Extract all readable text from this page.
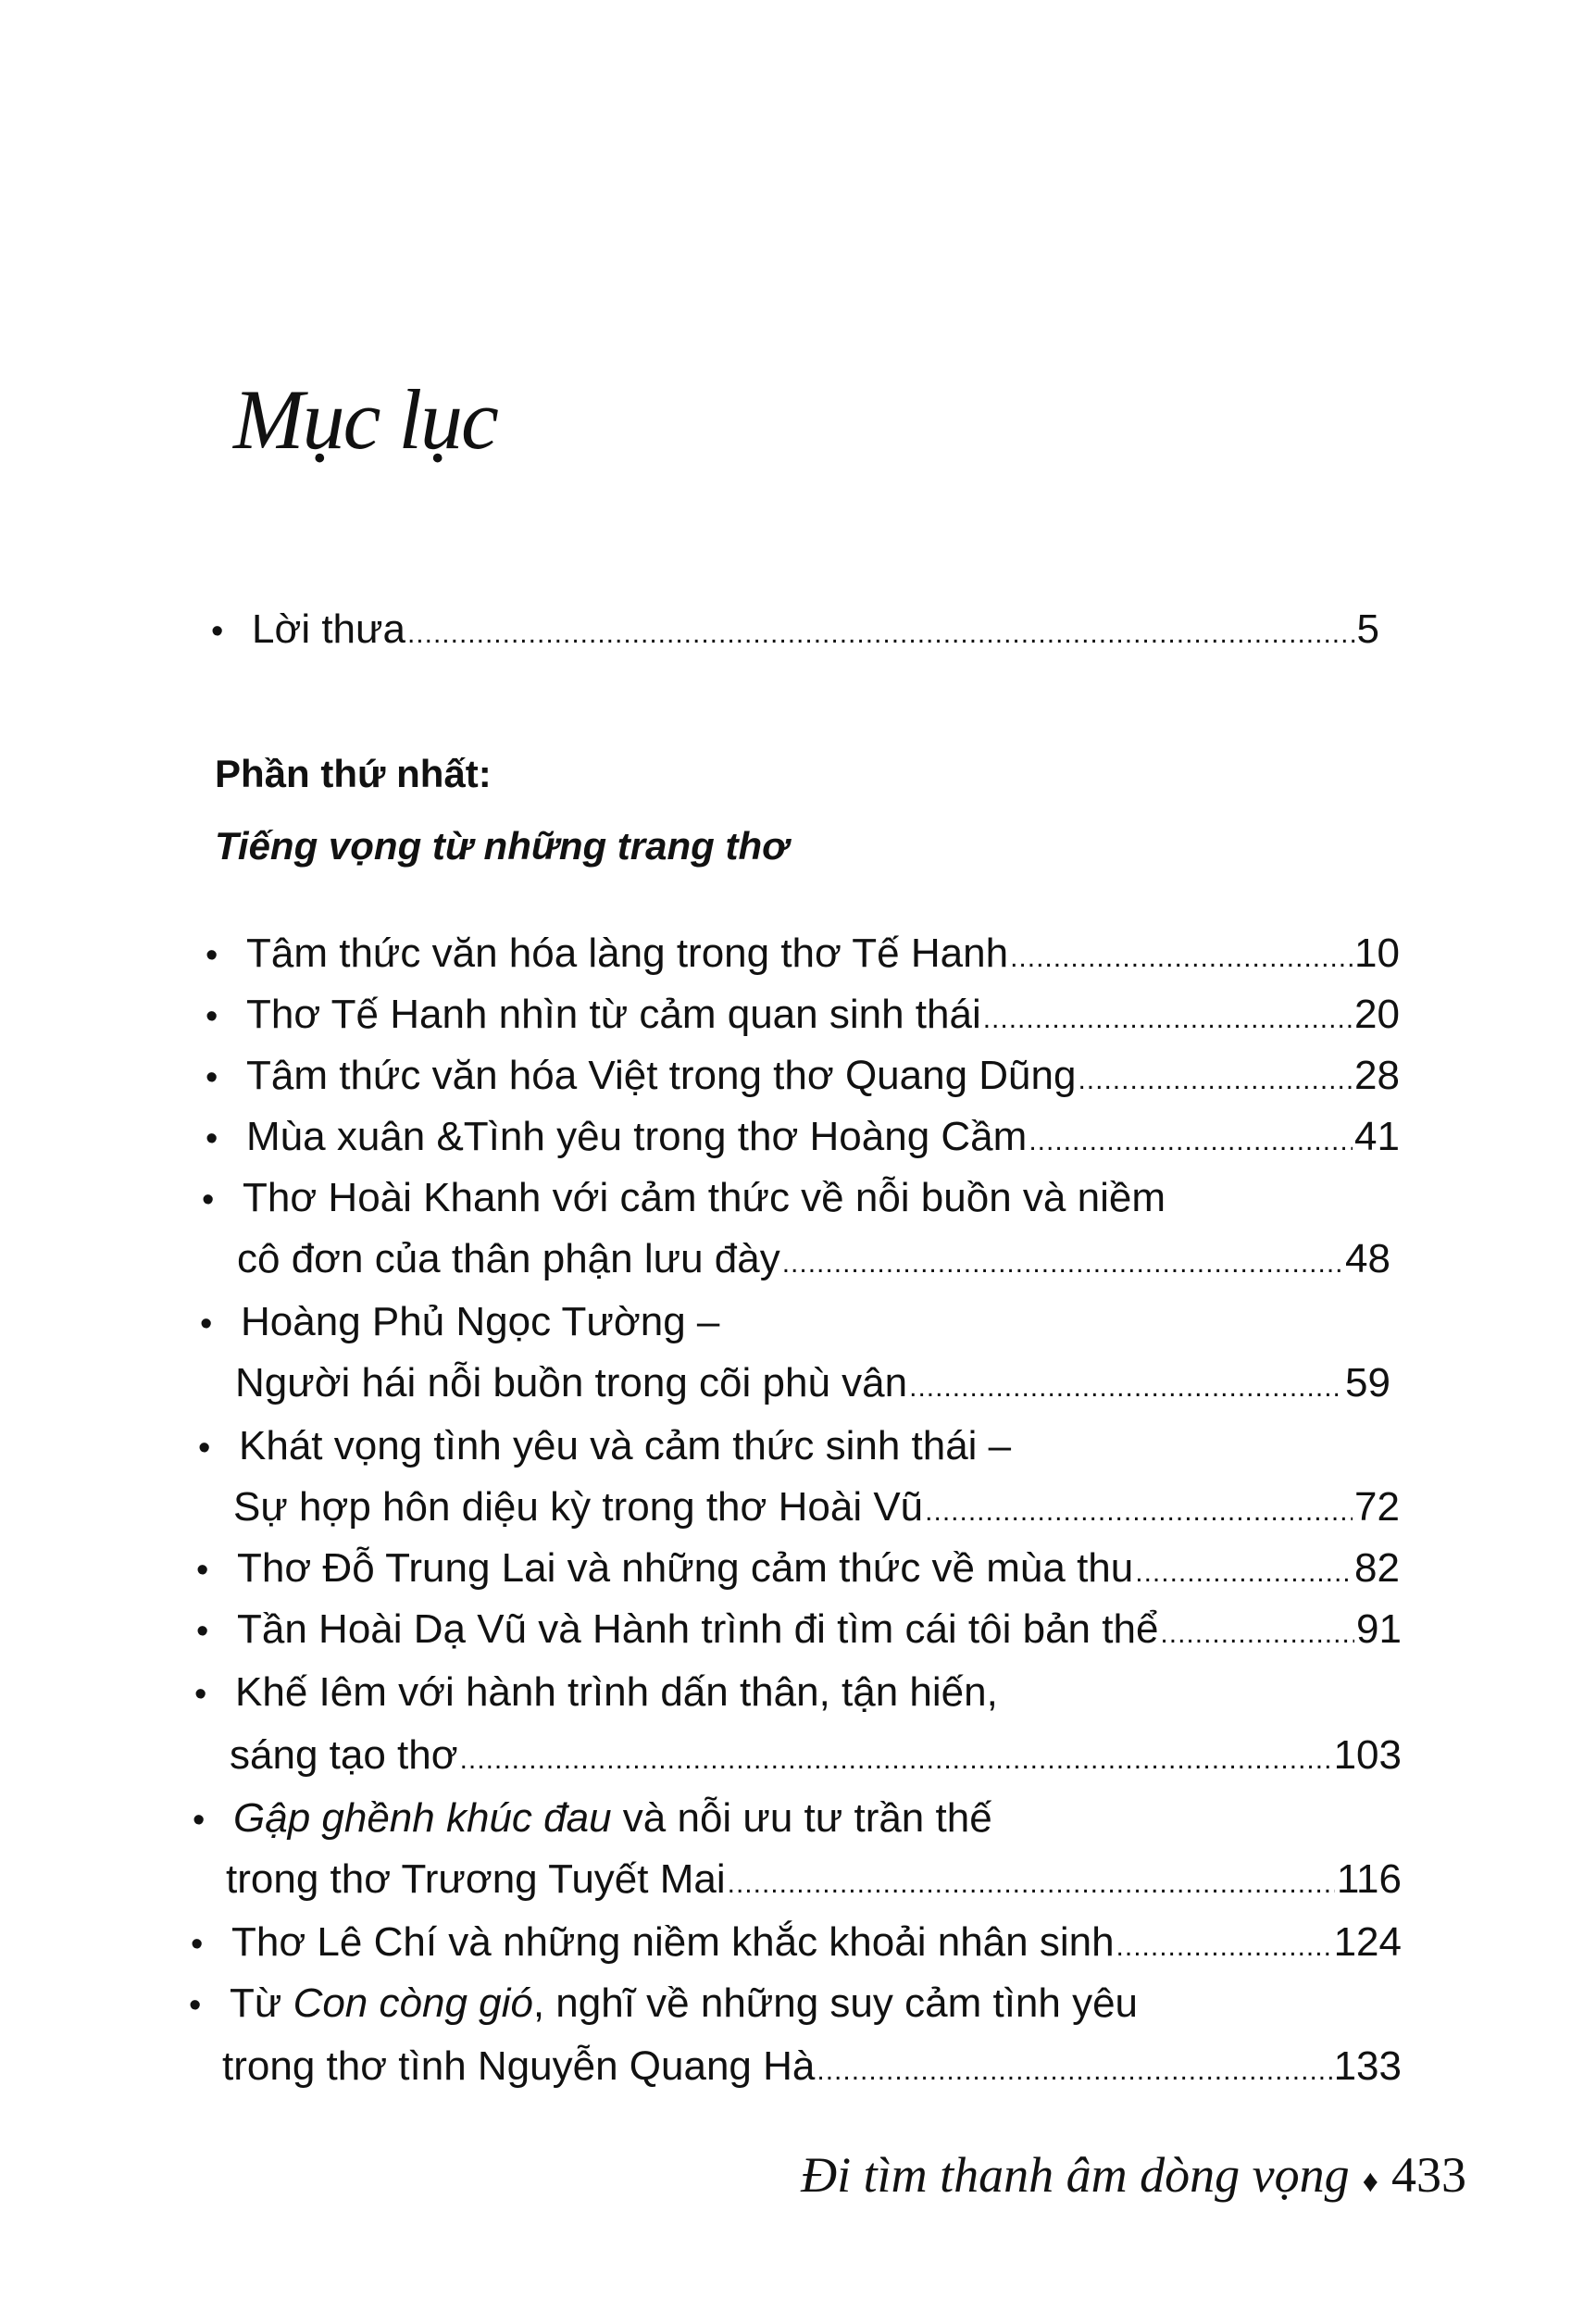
Mục lục
• Lời thưa .....	5
Phần thứ nhất:
Tiếng vọng từ những trang thơ
• Tâm thức văn hóa làng trong thơ Tế Hanh .....	10
• Thơ Tế Hanh nhìn từ cảm quan sinh thái .....	20
• Tâm thức văn hóa Việt trong thơ Quang Dũng .....	28
• Mùa xuân &Tình yêu trong thơ Hoàng Cầm .....	41
• Thơ Hoài Khanh với cảm thức về nỗi buồn và niềm
cô đơn của thân phận lưu đày .....	48
• Hoàng Phủ Ngọc Tường –
Người hái nỗi buồn trong cõi phù vân .....	59
• Khát vọng tình yêu và cảm thức sinh thái –
Sự hợp hôn diệu kỳ trong thơ Hoài Vũ .....	72
• Thơ Đỗ Trung Lai và những cảm thức về mùa thu .....	82
• Tần Hoài Dạ Vũ và Hành trình đi tìm cái tôi bản thể .....	91
• Khế Iêm với hành trình dấn thân, tận hiến,
sáng tạo thơ .....	103
• Gập ghềnh khúc đau và nỗi ưu tư trần thế
trong thơ Trương Tuyết Mai .....	116
• Thơ Lê Chí và những niềm khắc khoải nhân sinh .....	124
• Từ Con còng gió, nghĩ về những suy cảm tình yêu
trong thơ tình Nguyễn Quang Hà .....	133
Đi tìm thanh âm dòng vọng ♦ 433
